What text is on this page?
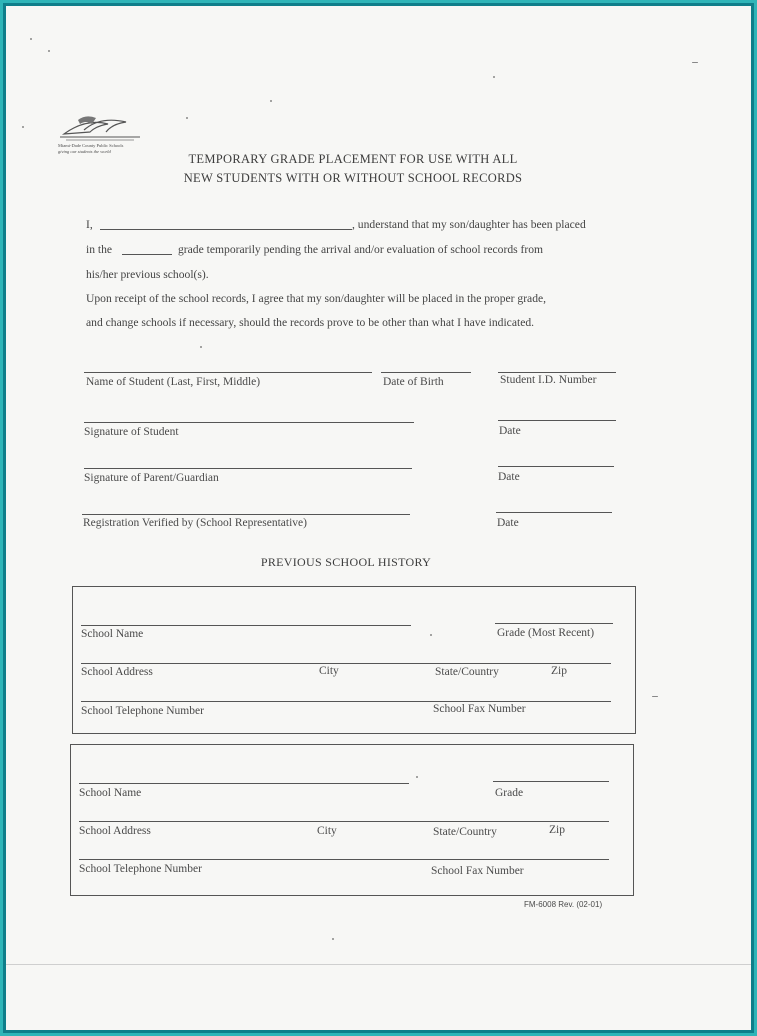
Miami-Dade County Public Schools
giving our students the world
TEMPORARY GRADE PLACEMENT FOR USE WITH ALL
NEW STUDENTS WITH OR WITHOUT SCHOOL RECORDS
I,	, understand that my son/daughter has been placed
in the	grade temporarily pending the arrival and/or evaluation of school records from
his/her previous school(s).
Upon receipt of the school records, I agree that my son/daughter will be placed in the proper grade,
and change schools if necessary, should the records prove to be other than what I have indicated.
Name of Student (Last, First, Middle)	Date of Birth	Student I.D. Number
Signature of Student	Date
Signature of Parent/Guardian	Date
Registration Verified by (School Representative)	Date
PREVIOUS SCHOOL HISTORY
School Name	Grade (Most Recent)
School Address	City	State/Country	Zip
School Telephone Number	School Fax Number
School Name	Grade
School Address	City	State/Country	Zip
School Telephone Number	School Fax Number
FM-6008 Rev. (02-01)
